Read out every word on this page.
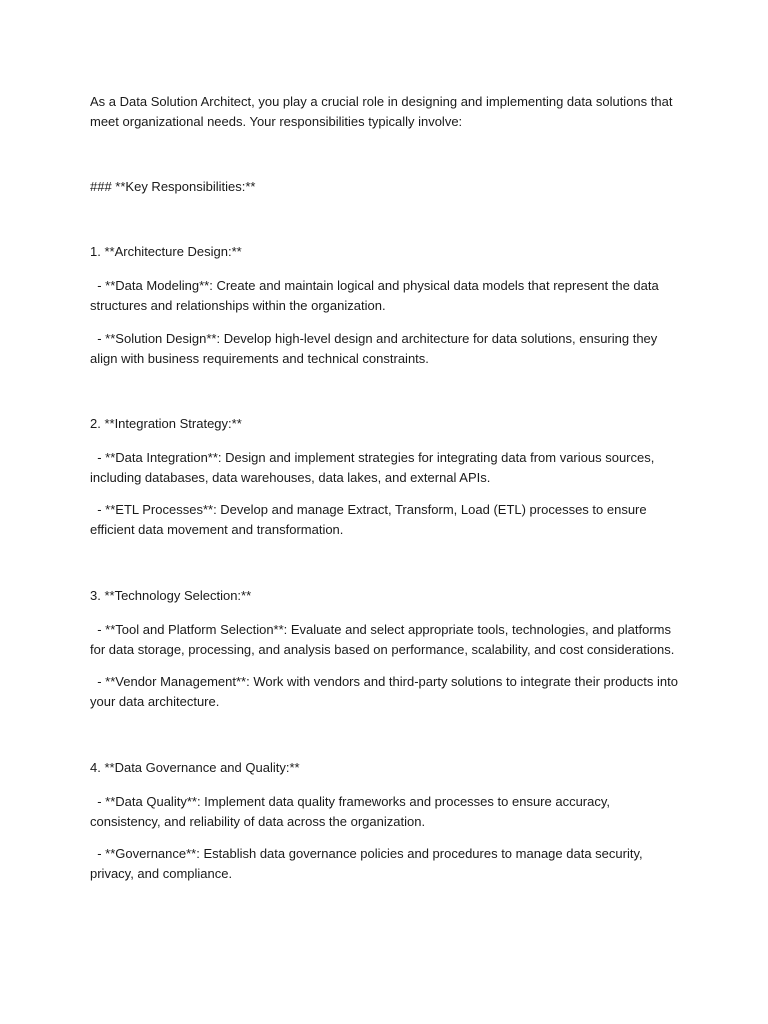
As a Data Solution Architect, you play a crucial role in designing and implementing data solutions that meet organizational needs. Your responsibilities typically involve:

### **Key Responsibilities:**

1. **Architecture Design:**

- **Data Modeling**: Create and maintain logical and physical data models that represent the data structures and relationships within the organization.

- **Solution Design**: Develop high-level design and architecture for data solutions, ensuring they align with business requirements and technical constraints.

2. **Integration Strategy:**

- **Data Integration**: Design and implement strategies for integrating data from various sources, including databases, data warehouses, data lakes, and external APIs.

- **ETL Processes**: Develop and manage Extract, Transform, Load (ETL) processes to ensure efficient data movement and transformation.

3. **Technology Selection:**

- **Tool and Platform Selection**: Evaluate and select appropriate tools, technologies, and platforms for data storage, processing, and analysis based on performance, scalability, and cost considerations.

- **Vendor Management**: Work with vendors and third-party solutions to integrate their products into your data architecture.

4. **Data Governance and Quality:**

- **Data Quality**: Implement data quality frameworks and processes to ensure accuracy, consistency, and reliability of data across the organization.

- **Governance**: Establish data governance policies and procedures to manage data security, privacy, and compliance.
